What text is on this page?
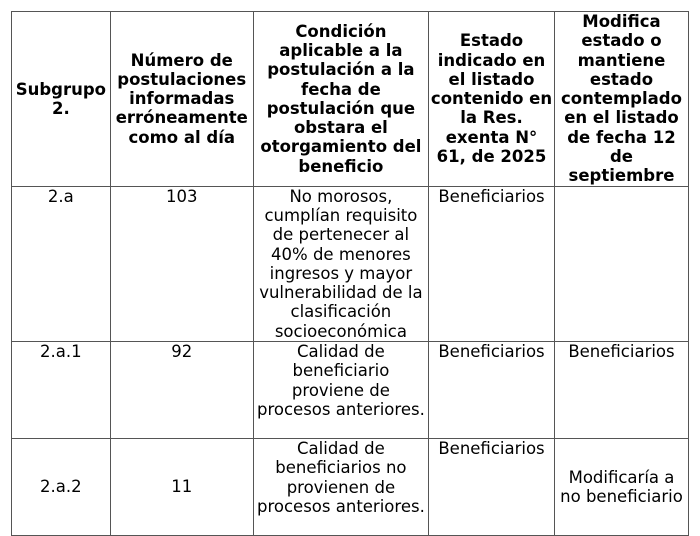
Subgrupo 2.	Número de postulaciones informadas erróneamente como al día	Condición aplicable a la postulación a la fecha de postulación que obstara el otorgamiento del beneficio	Estado indicado en el listado contenido en la Res. exenta N° 61, de 2025	Modifica estado o mantiene estado contemplado en el listado de fecha 12 de septiembre
2.a	103	No morosos, cumplían requisito de pertenecer al 40% de menores ingresos y mayor vulnerabilidad de la clasificación socioeconómica	Beneficiarios	
2.a.1	92	Calidad de beneficiario proviene de procesos anteriores.	Beneficiarios	Beneficiarios
2.a.2	11	Calidad de beneficiarios no provienen de procesos anteriores.	Beneficiarios	Modificaría a no beneficiario
